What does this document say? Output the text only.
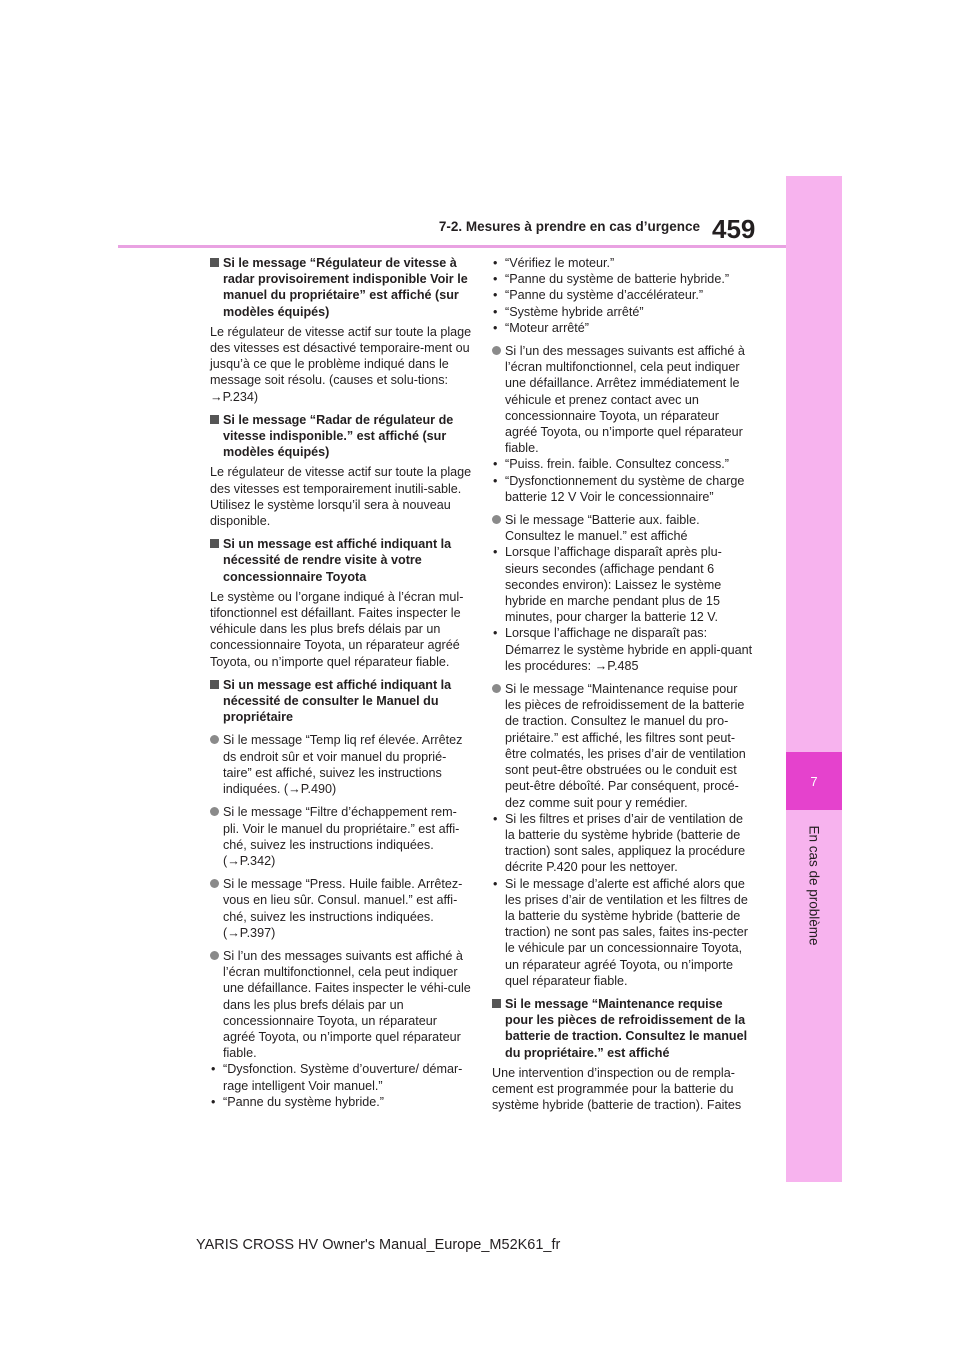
7-2. Mesures à prendre en cas d’urgence 459
7
En cas de problème
Si le message “Régulateur de vitesse à radar provisoirement indisponible Voir le manuel du propriétaire” est affiché (sur modèles équipés)

Le régulateur de vitesse actif sur toute la plage des vitesses est désactivé temporaire-ment ou jusqu’à ce que le problème indiqué dans le message soit résolu. (causes et solu-tions: →P.234)

Si le message “Radar de régulateur de vitesse indisponible.” est affiché (sur modèles équipés)

Le régulateur de vitesse actif sur toute la plage des vitesses est temporairement inutili-sable. Utilisez le système lorsqu’il sera à nouveau disponible.

Si un message est affiché indiquant la nécessité de rendre visite à votre concessionnaire Toyota

Le système ou l’organe indiqué à l’écran mul-tifonctionnel est défaillant. Faites inspecter le véhicule dans les plus brefs délais par un concessionnaire Toyota, un réparateur agréé Toyota, ou n’importe quel réparateur fiable.

Si un message est affiché indiquant la nécessité de consulter le Manuel du propriétaire
Si le message “Temp liq ref élevée. Arrêtez ds endroit sûr et voir manuel du proprié-taire” est affiché, suivez les instructions indiquées. (→P.490)
Si le message “Filtre d’échappement rem-pli. Voir le manuel du propriétaire.” est affi-ché, suivez les instructions indiquées. (→P.342)
Si le message “Press. Huile faible. Arrêtez-vous en lieu sûr. Consul. manuel.” est affi-ché, suivez les instructions indiquées. (→P.397)
Si l’un des messages suivants est affiché à l’écran multifonctionnel, cela peut indiquer une défaillance. Faites inspecter le véhi-cule dans les plus brefs délais par un concessionnaire Toyota, un réparateur agréé Toyota, ou n’importe quel réparateur fiable.
• “Dysfonction. Système d’ouverture/ démar-rage intelligent Voir manuel.”
• “Panne du système hybride.”
• “Vérifiez le moteur.”
• “Panne du système de batterie hybride.”
• “Panne du système d’accélérateur.”
• “Système hybride arrêté”
• “Moteur arrêté”
Si l’un des messages suivants est affiché à l’écran multifonctionnel, cela peut indiquer une défaillance. Arrêtez immédiatement le véhicule et prenez contact avec un concessionnaire Toyota, un réparateur agréé Toyota, ou n’importe quel réparateur fiable.
• “Puiss. frein. faible. Consultez concess.”
• “Dysfonctionnement du système de charge batterie 12 V Voir le concessionnaire”
Si le message “Batterie aux. faible. Consultez le manuel.” est affiché
• Lorsque l’affichage disparaît après plu-sieurs secondes (affichage pendant 6 secondes environ): Laissez le système hybride en marche pendant plus de 15 minutes, pour charger la batterie 12 V.
• Lorsque l’affichage ne disparaît pas: Démarrez le système hybride en appli-quant les procédures: →P.485
Si le message “Maintenance requise pour les pièces de refroidissement de la batterie de traction. Consultez le manuel du pro-priétaire.” est affiché, les filtres sont peut-être colmatés, les prises d’air de ventilation sont peut-être obstruées ou le conduit est peut-être déboîté. Par conséquent, procé-dez comme suit pour y remédier.
• Si les filtres et prises d’air de ventilation de la batterie du système hybride (batterie de traction) sont sales, appliquez la procédure décrite P.420 pour les nettoyer.
• Si le message d’alerte est affiché alors que les prises d’air de ventilation et les filtres de la batterie du système hybride (batterie de traction) ne sont pas sales, faites ins-pecter le véhicule par un concessionnaire Toyota, un réparateur agréé Toyota, ou n’importe quel réparateur fiable.
Si le message “Maintenance requise pour les pièces de refroidissement de la batterie de traction. Consultez le manuel du propriétaire.” est affiché

Une intervention d’inspection ou de rempla-cement est programmée pour la batterie du système hybride (batterie de traction). Faites

YARIS CROSS HV Owner's Manual_Europe_M52K61_fr
